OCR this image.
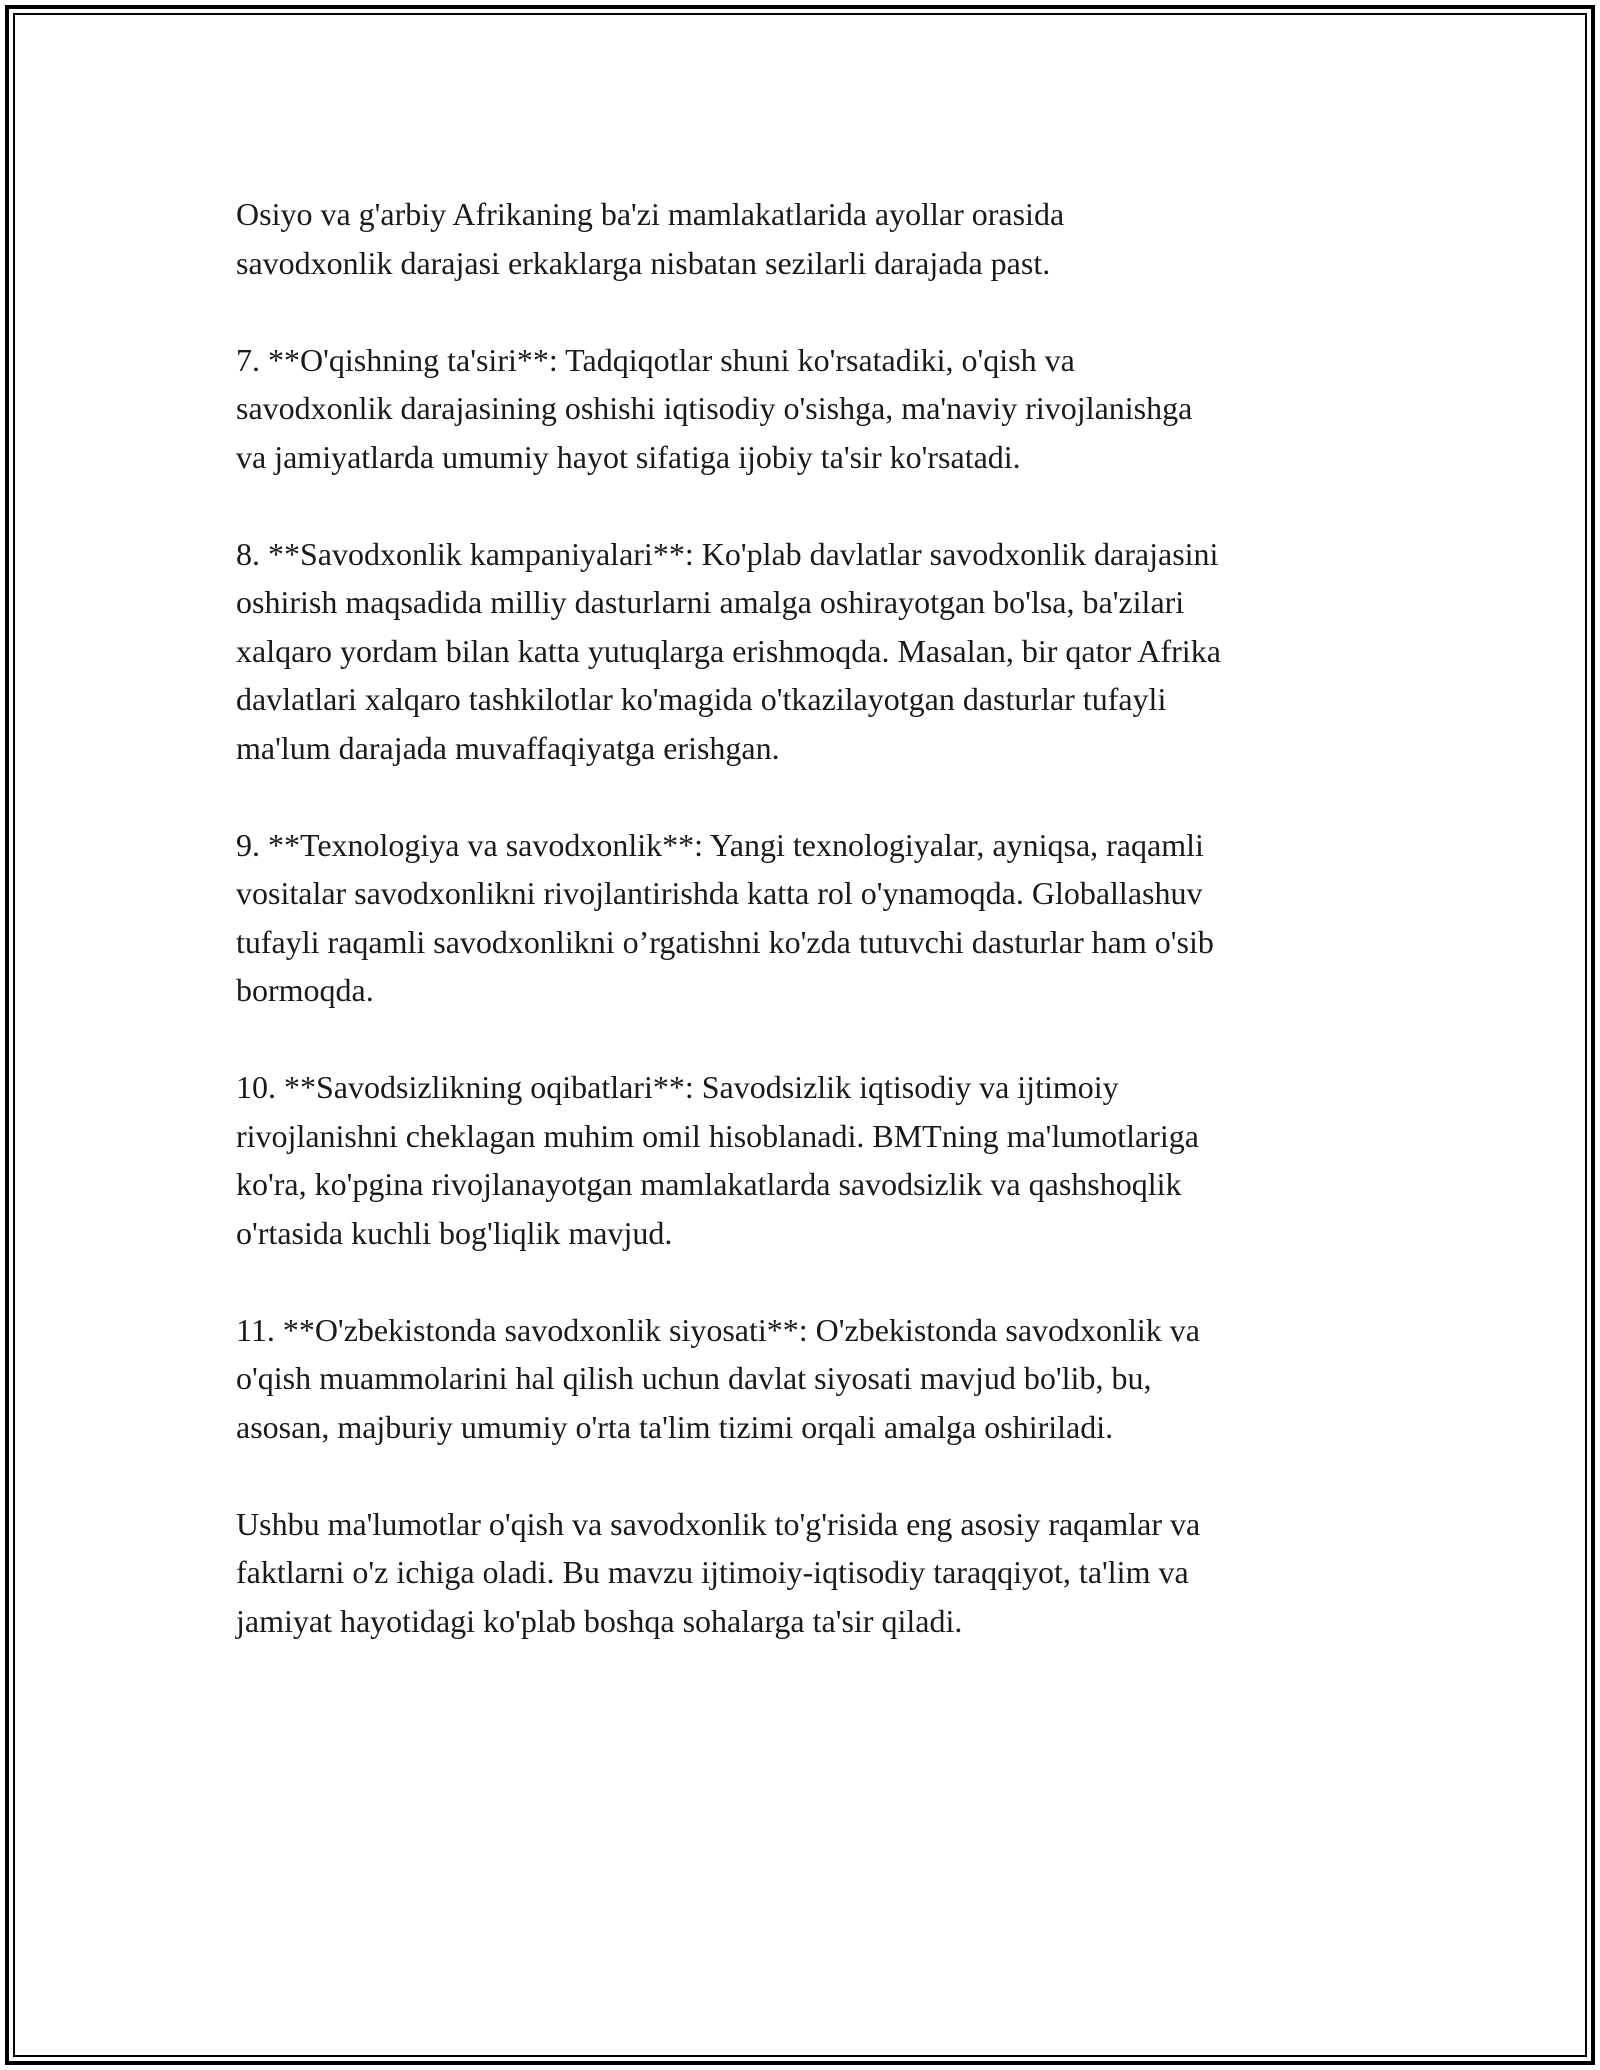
Osiyo va g'arbiy Afrikaning ba'zi mamlakatlarida ayollar orasida
savodxonlik darajasi erkaklarga nisbatan sezilarli darajada past.

7. **O'qishning ta'siri**: Tadqiqotlar shuni ko'rsatadiki, o'qish va
savodxonlik darajasining oshishi iqtisodiy o'sishga, ma'naviy rivojlanishga
va jamiyatlarda umumiy hayot sifatiga ijobiy ta'sir ko'rsatadi.

8. **Savodxonlik kampaniyalari**: Ko'plab davlatlar savodxonlik darajasini
oshirish maqsadida milliy dasturlarni amalga oshirayotgan bo'lsa, ba'zilari
xalqaro yordam bilan katta yutuqlarga erishmoqda. Masalan, bir qator Afrika
davlatlari xalqaro tashkilotlar ko'magida o'tkazilayotgan dasturlar tufayli
ma'lum darajada muvaffaqiyatga erishgan.

9. **Texnologiya va savodxonlik**: Yangi texnologiyalar, ayniqsa, raqamli
vositalar savodxonlikni rivojlantirishda katta rol o'ynamoqda. Globallashuv
tufayli raqamli savodxonlikni o’rgatishni ko'zda tutuvchi dasturlar ham o'sib
bormoqda.

10. **Savodsizlikning oqibatlari**: Savodsizlik iqtisodiy va ijtimoiy
rivojlanishni cheklagan muhim omil hisoblanadi. BMTning ma'lumotlariga
ko'ra, ko'pgina rivojlanayotgan mamlakatlarda savodsizlik va qashshoqlik
o'rtasida kuchli bog'liqlik mavjud.

11. **O'zbekistonda savodxonlik siyosati**: O'zbekistonda savodxonlik va
o'qish muammolarini hal qilish uchun davlat siyosati mavjud bo'lib, bu,
asosan, majburiy umumiy o'rta ta'lim tizimi orqali amalga oshiriladi.

Ushbu ma'lumotlar o'qish va savodxonlik to'g'risida eng asosiy raqamlar va
faktlarni o'z ichiga oladi. Bu mavzu ijtimoiy-iqtisodiy taraqqiyot, ta'lim va
jamiyat hayotidagi ko'plab boshqa sohalarga ta'sir qiladi.
